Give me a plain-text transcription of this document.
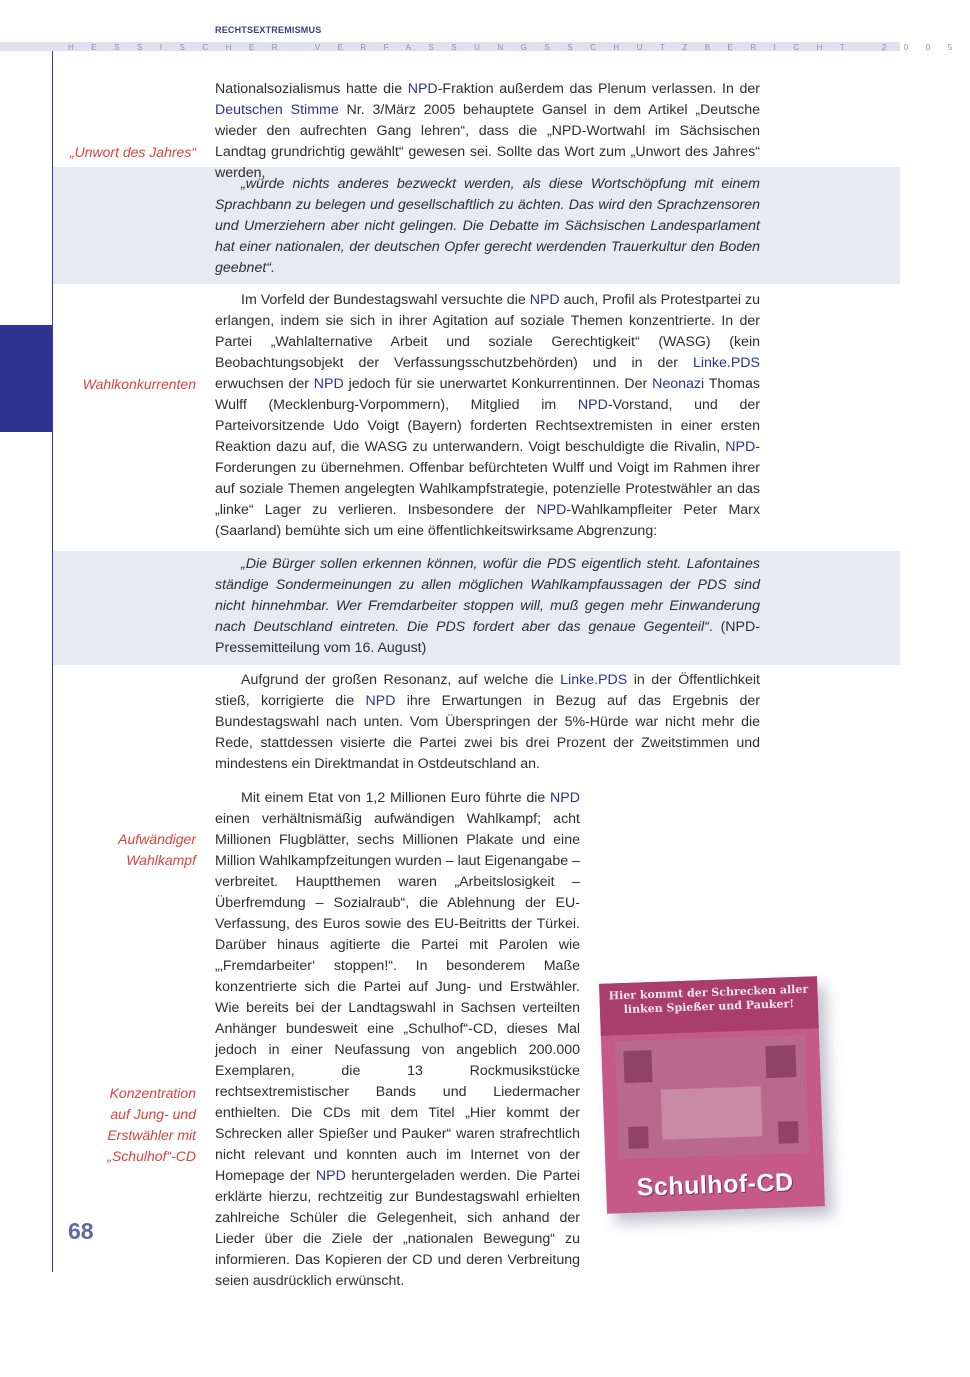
RECHTSEXTREMISMUS
HESSISCHER VERFASSUNGSSCHUTZBERICHT 2005
„Unwort des Jahres“
Wahlkonkurrenten
Aufwändiger
Wahlkampf
Konzentration
auf Jung- und
Erstwähler mit
„Schulhof“-CD

Nationalsozialismus hatte die NPD-Fraktion außerdem das Plenum verlassen. In der Deutschen Stimme Nr. 3/März 2005 behauptete Gansel in dem Artikel „Deutsche wieder den aufrechten Gang lehren“, dass die „NPD-Wortwahl im Sächsischen Landtag grundrichtig gewählt“ gewesen sei. Sollte das Wort zum „Unwort des Jahres“ werden,

„würde nichts anderes bezweckt werden, als diese Wortschöpfung mit einem Sprachbann zu belegen und gesellschaftlich zu ächten. Das wird den Sprachzensoren und Umerziehern aber nicht gelingen. Die Debatte im Sächsischen Landesparlament hat einer nationalen, der deutschen Opfer gerecht werdenden Trauerkultur den Boden geebnet“.

Im Vorfeld der Bundestagswahl versuchte die NPD auch, Profil als Protestpartei zu erlangen, indem sie sich in ihrer Agitation auf soziale Themen konzentrierte. In der Partei „Wahlalternative Arbeit und soziale Gerechtigkeit“ (WASG) (kein Beobachtungsobjekt der Verfassungsschutzbehörden) und in der Linke.PDS erwuchsen der NPD jedoch für sie unerwartet Konkurrentinnen. Der Neonazi Thomas Wulff (Mecklenburg-Vorpommern), Mitglied im NPD-Vorstand, und der Parteivorsitzende Udo Voigt (Bayern) forderten Rechtsextremisten in einer ersten Reaktion dazu auf, die WASG zu unterwandern. Voigt beschuldigte die Rivalin, NPD-Forderungen zu übernehmen. Offenbar befürchteten Wulff und Voigt im Rahmen ihrer auf soziale Themen angelegten Wahlkampfstrategie, potenzielle Protestwähler an das „linke“ Lager zu verlieren. Insbesondere der NPD-Wahlkampfleiter Peter Marx (Saarland) bemühte sich um eine öffentlichkeitswirksame Abgrenzung:

„Die Bürger sollen erkennen können, wofür die PDS eigentlich steht. Lafontaines ständige Sondermeinungen zu allen möglichen Wahlkampfaussagen der PDS sind nicht hinnehmbar. Wer Fremdarbeiter stoppen will, muß gegen mehr Einwanderung nach Deutschland eintreten. Die PDS fordert aber das genaue Gegenteil“. (NPD-Pressemitteilung vom 16. August)

Aufgrund der großen Resonanz, auf welche die Linke.PDS in der Öffentlichkeit stieß, korrigierte die NPD ihre Erwartungen in Bezug auf das Ergebnis der Bundestagswahl nach unten. Vom Überspringen der 5%-Hürde war nicht mehr die Rede, stattdessen visierte die Partei zwei bis drei Prozent der Zweitstimmen und mindestens ein Direktmandat in Ostdeutschland an.

Mit einem Etat von 1,2 Millionen Euro führte die NPD einen verhältnismäßig aufwändigen Wahlkampf; acht Millionen Flugblätter, sechs Millionen Plakate und eine Million Wahlkampfzeitungen wurden – laut Eigenangabe – verbreitet. Hauptthemen waren „Arbeitslosigkeit – Überfremdung – Sozialraub“, die Ablehnung der EU-Verfassung, des Euros sowie des EU-Beitritts der Türkei. Darüber hinaus agitierte die Partei mit Parolen wie „‚Fremdarbeiter‘ stoppen!“. In besonderem Maße konzentrierte sich die Partei auf Jung- und Erstwähler. Wie bereits bei der Landtagswahl in Sachsen verteilten Anhänger bundesweit eine „Schulhof“-CD, dieses Mal jedoch in einer Neufassung von angeblich 200.000 Exemplaren, die 13 Rockmusikstücke rechtsextremistischer Bands und Liedermacher enthielten. Die CDs mit dem Titel „Hier kommt der Schrecken aller Spießer und Pauker“ waren strafrechtlich nicht relevant und konnten auch im Internet von der Homepage der NPD heruntergeladen werden. Die Partei erklärte hierzu, rechtzeitig zur Bundestagswahl erhielten zahlreiche Schüler die Gelegenheit, sich anhand der Lieder über die Ziele der „nationalen Bewegung“ zu informieren. Das Kopieren der CD und deren Verbreitung seien ausdrücklich erwünscht.

Hier kommt der Schrecken aller linken Spießer und Pauker!
Schulhof-CD
68
